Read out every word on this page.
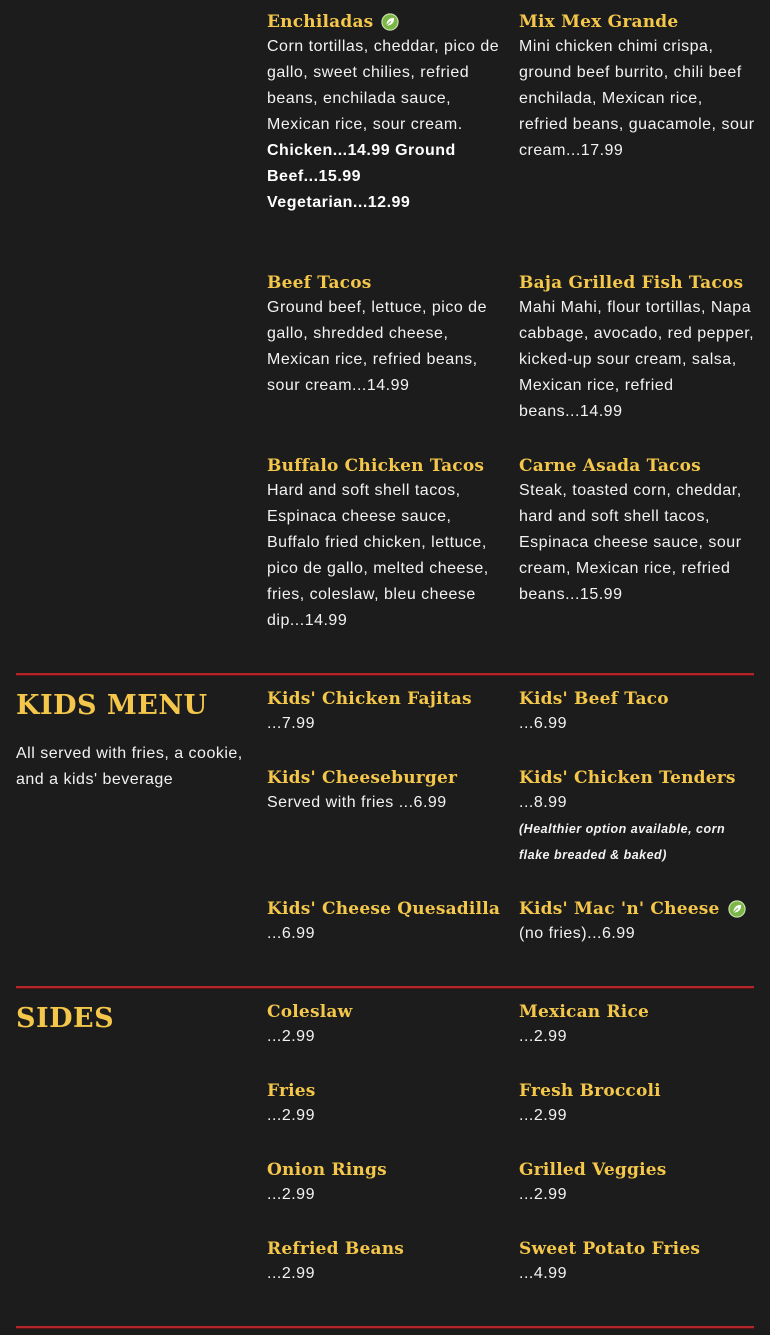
Enchiladas
Corn tortillas, cheddar, pico de gallo, sweet chilies, refried beans, enchilada sauce, Mexican rice, sour cream.
Chicken...14.99 Ground Beef...15.99
Vegetarian...12.99
Mix Mex Grande
Mini chicken chimi crispa, ground beef burrito, chili beef enchilada, Mexican rice, refried beans, guacamole, sour cream...17.99
Beef Tacos
Ground beef, lettuce, pico de gallo, shredded cheese, Mexican rice, refried beans, sour cream...14.99
Baja Grilled Fish Tacos
Mahi Mahi, flour tortillas, Napa cabbage, avocado, red pepper, kicked-up sour cream, salsa, Mexican rice, refried beans...14.99
Buffalo Chicken Tacos
Hard and soft shell tacos, Espinaca cheese sauce, Buffalo fried chicken, lettuce, pico de gallo, melted cheese, fries, coleslaw, bleu cheese dip...14.99
Carne Asada Tacos
Steak, toasted corn, cheddar, hard and soft shell tacos, Espinaca cheese sauce, sour cream, Mexican rice, refried beans...15.99
KIDS MENU
All served with fries, a cookie, and a kids' beverage
Kids' Chicken Fajitas
...7.99
Kids' Beef Taco
...6.99
Kids' Cheeseburger
Served with fries ...6.99
Kids' Chicken Tenders
...8.99
(Healthier option available, corn flake breaded & baked)
Kids' Cheese Quesadilla
...6.99
Kids' Mac 'n' Cheese
(no fries)...6.99
SIDES	Coleslaw
...2.99
Mexican Rice
...2.99
Fries
...2.99
Fresh Broccoli
...2.99
Onion Rings
...2.99
Grilled Veggies
...2.99
Refried Beans
...2.99
Sweet Potato Fries
...4.99
